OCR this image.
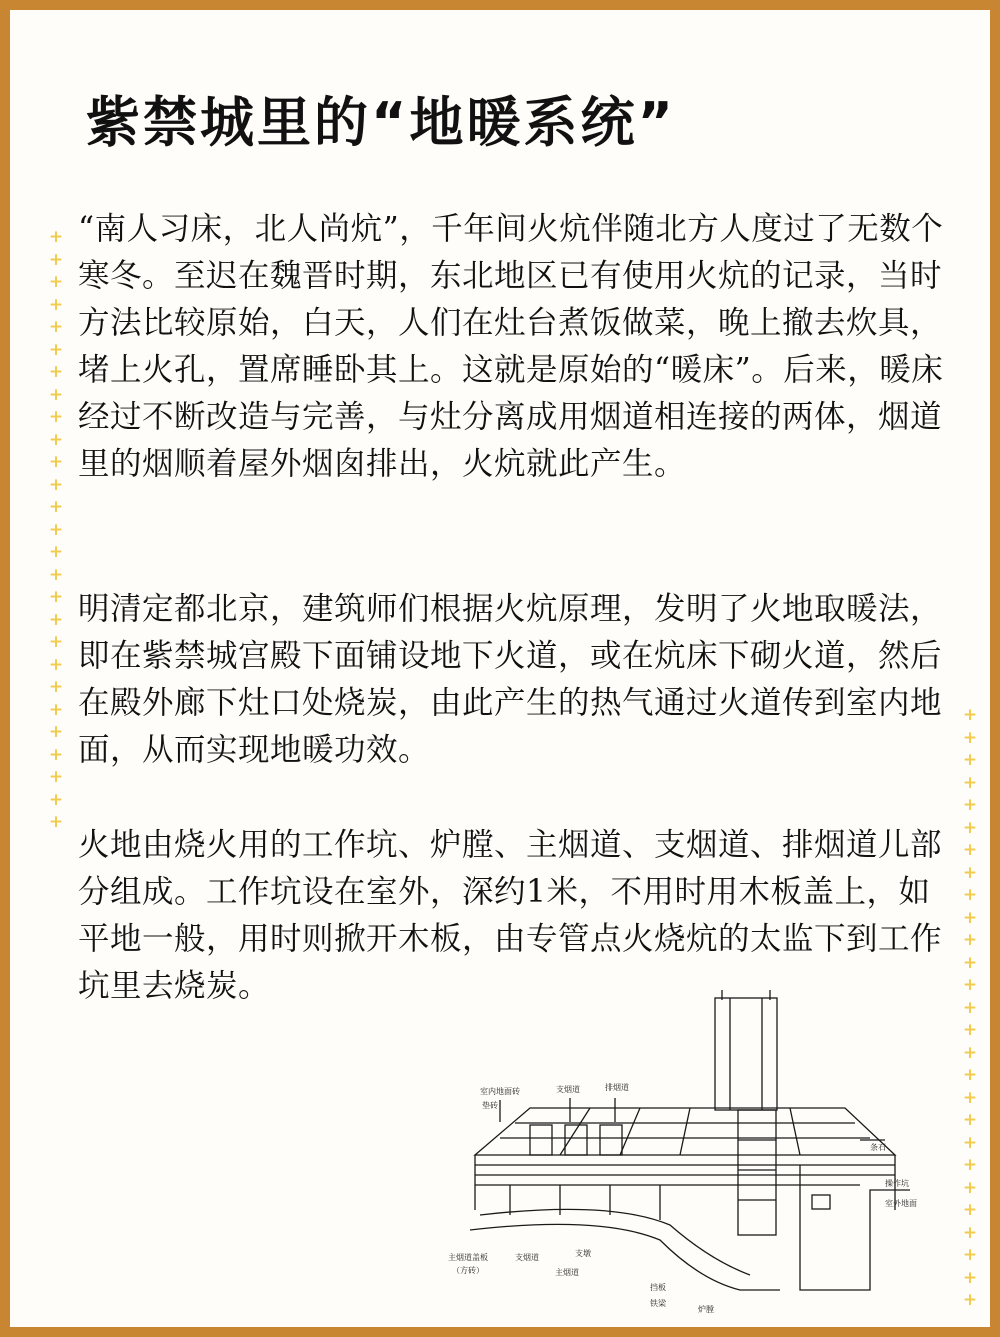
紫禁城里的“地暖系统”
+
+
+
+
+
+
+
+
+
+
+
+
+
+
+
+
+
+
+
+
+
+
+
+
+
+
+
+
+
+
+
+
+
+
+
+
+
+
+
+
+
+
+
+
+
+
+
+
+
+
+
+
+
+

“南人习床，北人尚炕”，千年间火炕伴随北方人度过了无数个寒冬。至迟在魏晋时期，东北地区已有使用火炕的记录，当时方法比较原始，白天，人们在灶台煮饭做菜，晚上撤去炊具，堵上火孔，置席睡卧其上。这就是原始的“暖床”。后来，暖床经过不断改造与完善，与灶分离成用烟道相连接的两体，烟道里的烟顺着屋外烟囱排出，火炕就此产生。

明清定都北京，建筑师们根据火炕原理，发明了火地取暖法，即在紫禁城宫殿下面铺设地下火道，或在炕床下砌火道，然后在殿外廊下灶口处烧炭，由此产生的热气通过火道传到室内地面，从而实现地暖功效。

火地由烧火用的工作坑、炉膛、主烟道、支烟道、排烟道儿部分组成。工作坑设在室外，深约1米，不用时用木板盖上，如平地一般，用时则掀开木板，由专管点火烧炕的太监下到工作坑里去烧炭。

室内地面砖
垫砖
支烟道	排烟道
条石
操作坑
室外地面
主烟道盖板
（方砖）
支烟道	支墩
主烟道
挡板
铁梁
炉膛
